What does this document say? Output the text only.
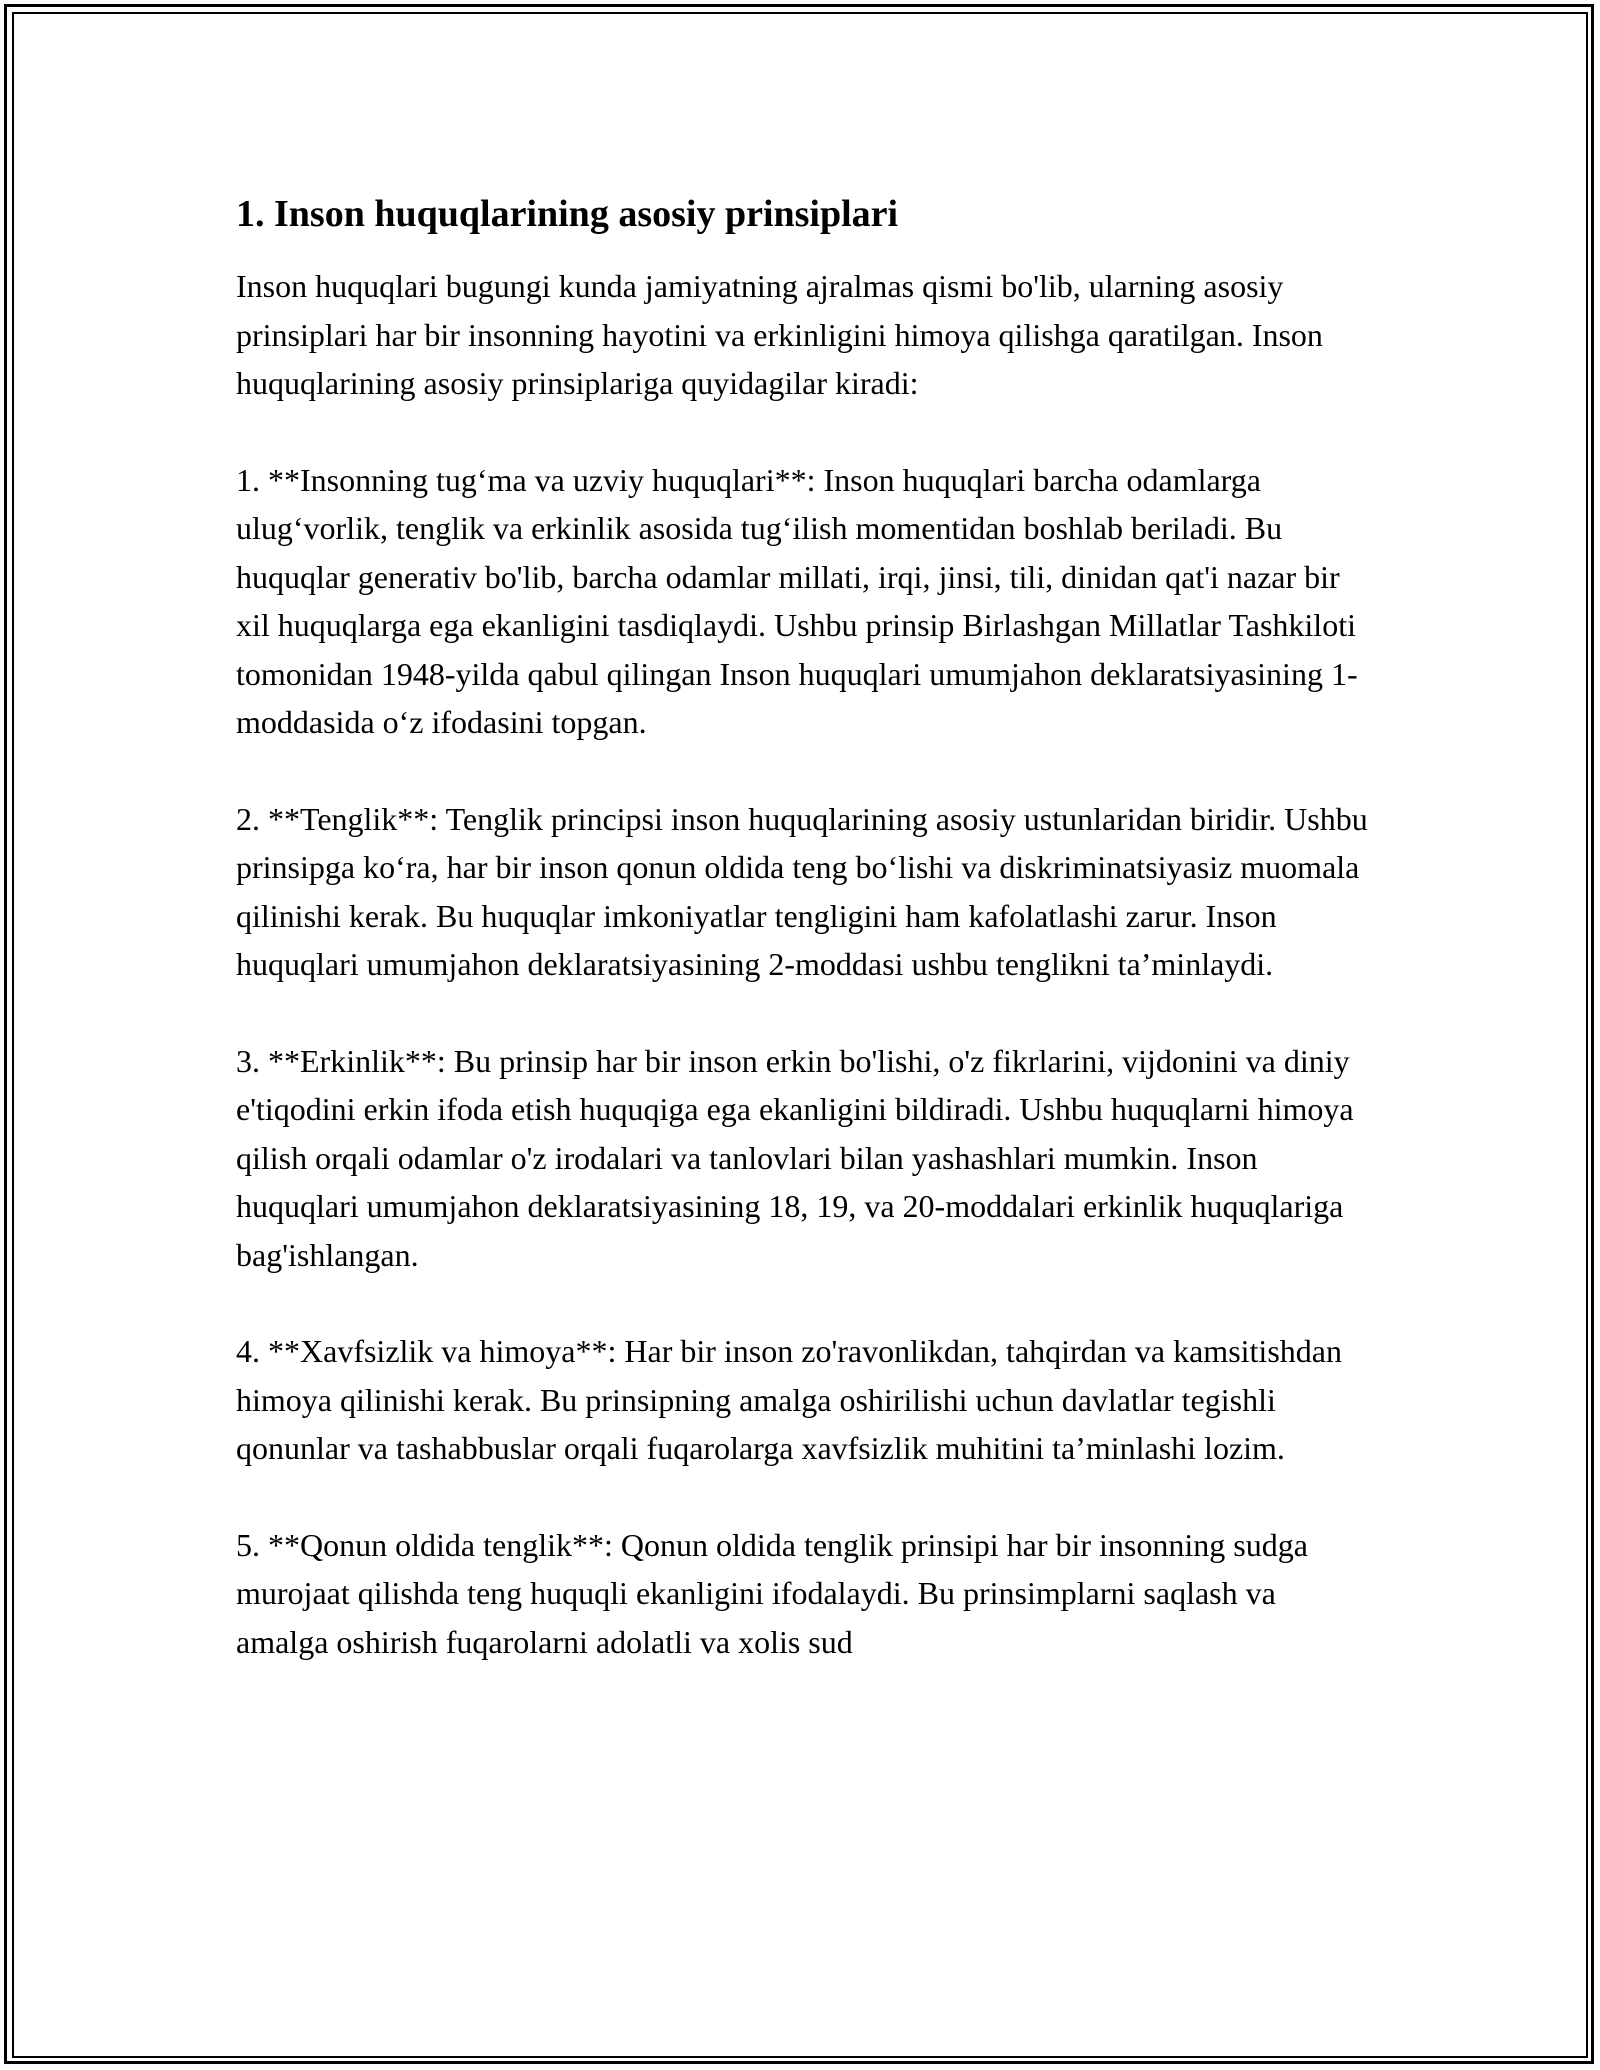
1. Inson huquqlarining asosiy prinsiplari

Inson huquqlari bugungi kunda jamiyatning ajralmas qismi bo'lib, ularning asosiy prinsiplari har bir insonning hayotini va erkinligini himoya qilishga qaratilgan. Inson huquqlarining asosiy prinsiplariga quyidagilar kiradi:

1. **Insonning tug‘ma va uzviy huquqlari**: Inson huquqlari barcha odamlarga ulug‘vorlik, tenglik va erkinlik asosida tug‘ilish momentidan boshlab beriladi. Bu huquqlar generativ bo'lib, barcha odamlar millati, irqi, jinsi, tili, dinidan qat'i nazar bir xil huquqlarga ega ekanligini tasdiqlaydi. Ushbu prinsip Birlashgan Millatlar Tashkiloti tomonidan 1948-yilda qabul qilingan Inson huquqlari umumjahon deklaratsiyasining 1-moddasida o‘z ifodasini topgan.

2. **Tenglik**: Tenglik principsi inson huquqlarining asosiy ustunlaridan biridir. Ushbu prinsipga ko‘ra, har bir inson qonun oldida teng bo‘lishi va diskriminatsiyasiz muomala qilinishi kerak. Bu huquqlar imkoniyatlar tengligini ham kafolatlashi zarur. Inson huquqlari umumjahon deklaratsiyasining 2-moddasi ushbu tenglikni ta’minlaydi.

3. **Erkinlik**: Bu prinsip har bir inson erkin bo'lishi, o'z fikrlarini, vijdonini va diniy e'tiqodini erkin ifoda etish huquqiga ega ekanligini bildiradi. Ushbu huquqlarni himoya qilish orqali odamlar o'z irodalari va tanlovlari bilan yashashlari mumkin. Inson huquqlari umumjahon deklaratsiyasining 18, 19, va 20-moddalari erkinlik huquqlariga bag'ishlangan.

4. **Xavfsizlik va himoya**: Har bir inson zo'ravonlikdan, tahqirdan va kamsitishdan himoya qilinishi kerak. Bu prinsipning amalga oshirilishi uchun davlatlar tegishli qonunlar va tashabbuslar orqali fuqarolarga xavfsizlik muhitini ta’minlashi lozim.

5. **Qonun oldida tenglik**: Qonun oldida tenglik prinsipi har bir insonning sudga murojaat qilishda teng huquqli ekanligini ifodalaydi. Bu prinsimplarni saqlash va amalga oshirish fuqarolarni adolatli va xolis sud
